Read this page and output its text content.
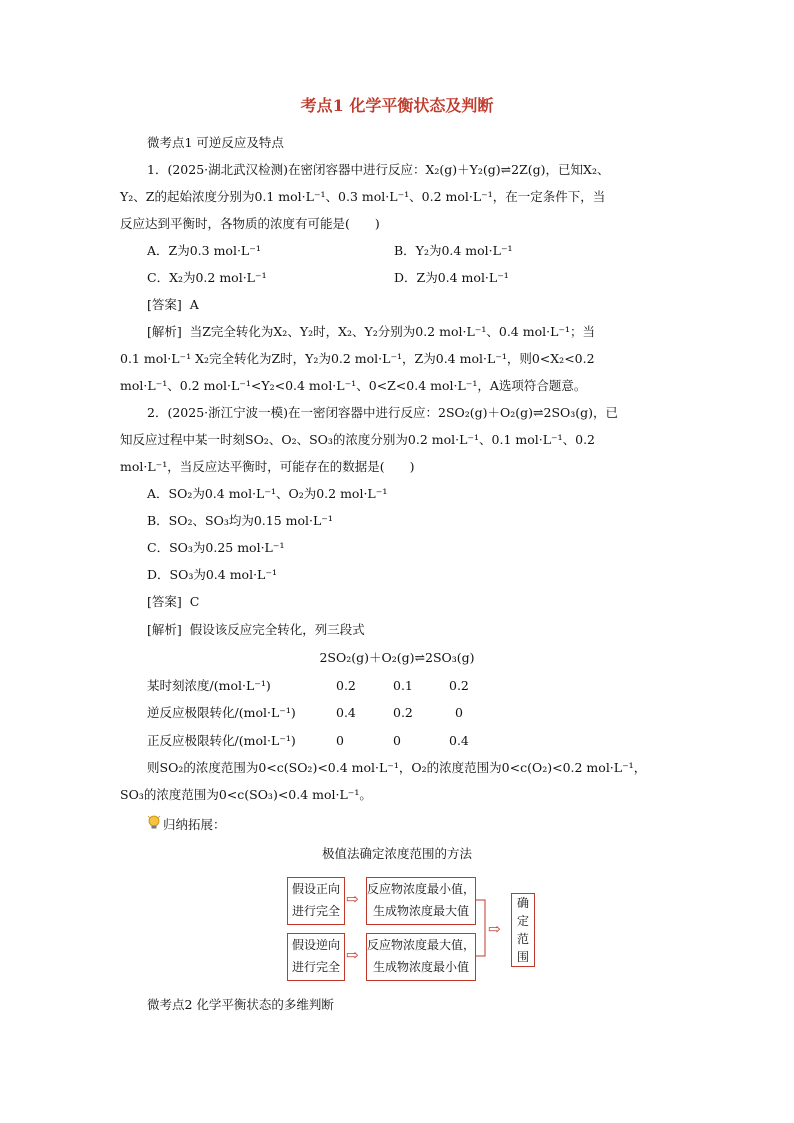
考点1 化学平衡状态及判断
微考点1 可逆反应及特点
1．(2025·湖北武汉检测)在密闭容器中进行反应：X₂(g)＋Y₂(g)⇌2Z(g)，已知X₂、
Y₂、Z的起始浓度分别为0.1 mol·L⁻¹、0.3 mol·L⁻¹、0.2 mol·L⁻¹，在一定条件下，当
反应达到平衡时，各物质的浓度有可能是(　　)
A．Z为0.3 mol·L⁻¹	B．Y₂为0.4 mol·L⁻¹
C．X₂为0.2 mol·L⁻¹	D．Z为0.4 mol·L⁻¹
[答案] A
[解析] 当Z完全转化为X₂、Y₂时，X₂、Y₂分别为0.2 mol·L⁻¹、0.4 mol·L⁻¹；当
0.1 mol·L⁻¹ X₂完全转化为Z时，Y₂为0.2 mol·L⁻¹，Z为0.4 mol·L⁻¹，则0<X₂<0.2
mol·L⁻¹、0.2 mol·L⁻¹<Y₂<0.4 mol·L⁻¹、0<Z<0.4 mol·L⁻¹，A选项符合题意。
2．(2025·浙江宁波一模)在一密闭容器中进行反应：2SO₂(g)＋O₂(g)⇌2SO₃(g)，已
知反应过程中某一时刻SO₂、O₂、SO₃的浓度分别为0.2 mol·L⁻¹、0.1 mol·L⁻¹、0.2
mol·L⁻¹，当反应达平衡时，可能存在的数据是(　　)
A．SO₂为0.4 mol·L⁻¹、O₂为0.2 mol·L⁻¹
B．SO₂、SO₃均为0.15 mol·L⁻¹
C．SO₃为0.25 mol·L⁻¹
D．SO₃为0.4 mol·L⁻¹
[答案] C
[解析] 假设该反应完全转化，列三段式
2SO₂(g)＋O₂(g)⇌2SO₃(g)
某时刻浓度/(mol·L⁻¹)	0.2	0.1	0.2
逆反应极限转化/(mol·L⁻¹)	0.4	0.2	0
正反应极限转化/(mol·L⁻¹)	0	0	0.4
则SO₂的浓度范围为0<c(SO₂)<0.4 mol·L⁻¹，O₂的浓度范围为0<c(O₂)<0.2 mol·L⁻¹，
SO₃的浓度范围为0<c(SO₃)<0.4 mol·L⁻¹。
归纳拓展：
极值法确定浓度范围的方法
假设正向
进行完全
⇨
反应物浓度最小值，
生成物浓度最大值
假设逆向
进行完全
⇨
反应物浓度最大值，
生成物浓度最小值
⇨
确
定
范
围
微考点2 化学平衡状态的多维判断
